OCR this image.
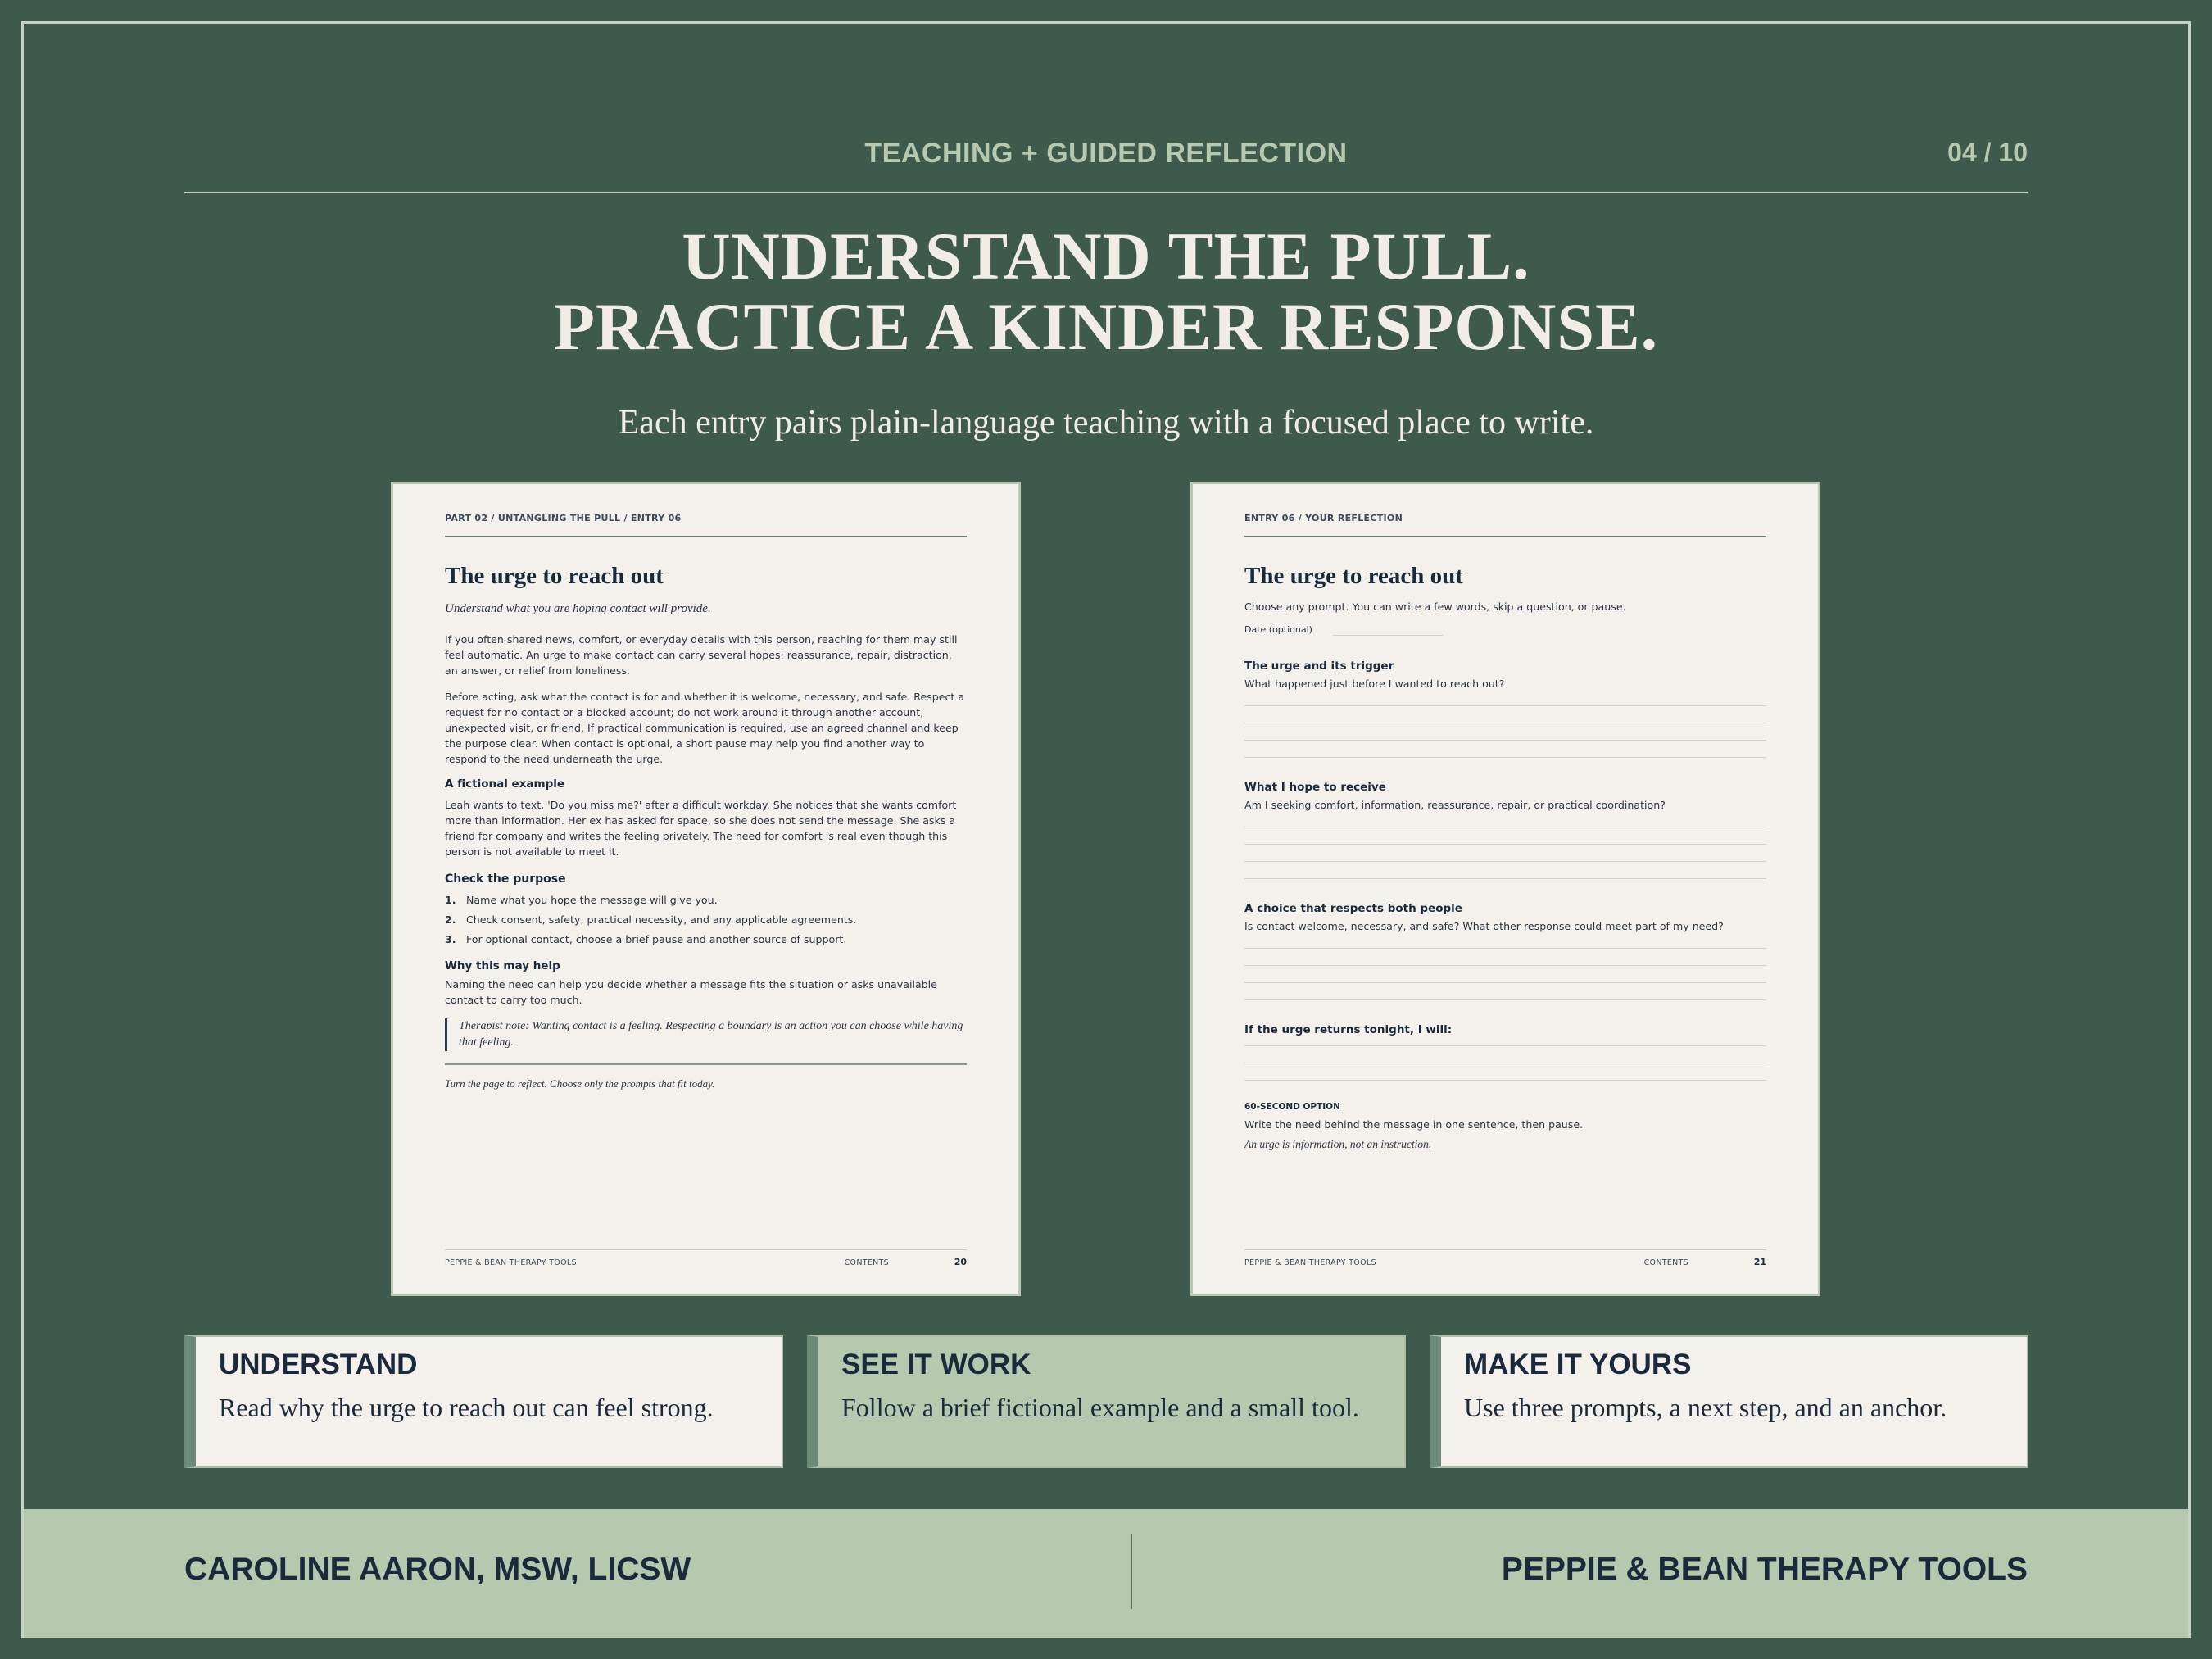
TEACHING + GUIDED REFLECTION	04 / 10
UNDERSTAND THE PULL.
PRACTICE A KINDER RESPONSE.
Each entry pairs plain-language teaching with a focused place to write.
PART 02 / UNTANGLING THE PULL / ENTRY 06
The urge to reach out
Understand what you are hoping contact will provide.
If you often shared news, comfort, or everyday details with this person, reaching for them may still feel automatic. An urge to make contact can carry several hopes: reassurance, repair, distraction, an answer, or relief from loneliness.
Before acting, ask what the contact is for and whether it is welcome, necessary, and safe. Respect a request for no contact or a blocked account; do not work around it through another account, unexpected visit, or friend. If practical communication is required, use an agreed channel and keep the purpose clear. When contact is optional, a short pause may help you find another way to respond to the need underneath the urge.
A fictional example
Leah wants to text, 'Do you miss me?' after a difficult workday. She notices that she wants comfort more than information. Her ex has asked for space, so she does not send the message. She asks a friend for company and writes the feeling privately. The need for comfort is real even though this person is not available to meet it.
Check the purpose
1. Name what you hope the message will give you.
2. Check consent, safety, practical necessity, and any applicable agreements.
3. For optional contact, choose a brief pause and another source of support.
Why this may help
Naming the need can help you decide whether a message fits the situation or asks unavailable contact to carry too much.
Therapist note: Wanting contact is a feeling. Respecting a boundary is an action you can choose while having that feeling.
Turn the page to reflect. Choose only the prompts that fit today.
PEPPIE & BEAN THERAPY TOOLS	CONTENTS	20
ENTRY 06 / YOUR REFLECTION
The urge to reach out
Choose any prompt. You can write a few words, skip a question, or pause.
Date (optional)
The urge and its trigger
What happened just before I wanted to reach out?
What I hope to receive
Am I seeking comfort, information, reassurance, repair, or practical coordination?
A choice that respects both people
Is contact welcome, necessary, and safe? What other response could meet part of my need?
If the urge returns tonight, I will:
60-SECOND OPTION
Write the need behind the message in one sentence, then pause.
An urge is information, not an instruction.
PEPPIE & BEAN THERAPY TOOLS	CONTENTS	21
UNDERSTAND
Read why the urge to reach out can feel strong.
SEE IT WORK
Follow a brief fictional example and a small tool.
MAKE IT YOURS
Use three prompts, a next step, and an anchor.
CAROLINE AARON, MSW, LICSW	PEPPIE & BEAN THERAPY TOOLS
